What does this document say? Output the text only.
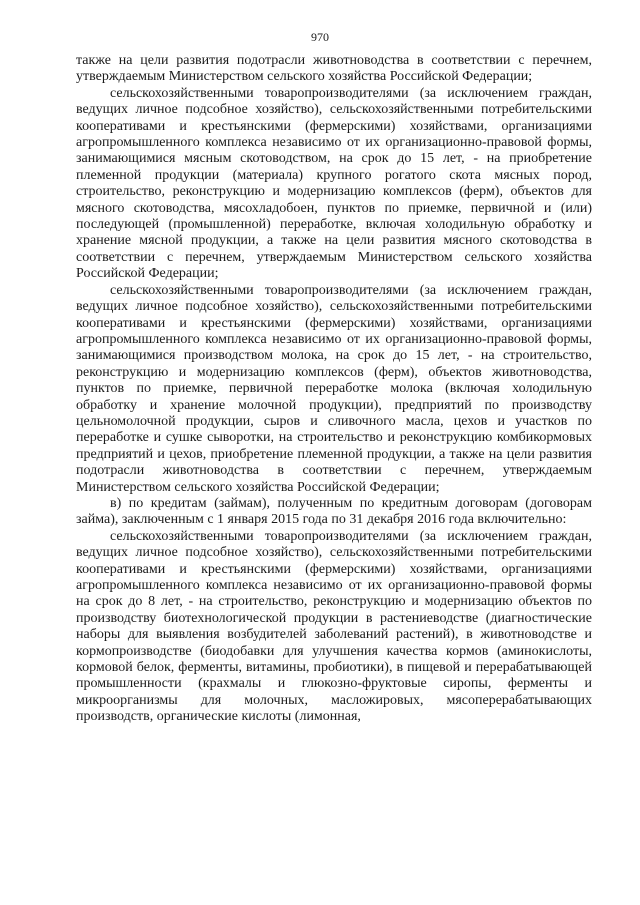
970

также на цели развития подотрасли животноводства в соответствии с перечнем, утверждаемым Министерством сельского хозяйства Российской Федерации;

сельскохозяйственными товаропроизводителями (за исключением граждан, ведущих личное подсобное хозяйство), сельскохозяйственными потребительскими кооперативами и крестьянскими (фермерскими) хозяйствами, организациями агропромышленного комплекса независимо от их организационно-правовой формы, занимающимися мясным скотоводством, на срок до 15 лет, - на приобретение племенной продукции (материала) крупного рогатого скота мясных пород, строительство, реконструкцию и модернизацию комплексов (ферм), объектов для мясного скотоводства, мясохладобоен, пунктов по приемке, первичной и (или) последующей (промышленной) переработке, включая холодильную обработку и хранение мясной продукции, а также на цели развития мясного скотоводства в соответствии с перечнем, утверждаемым Министерством сельского хозяйства Российской Федерации;

сельскохозяйственными товаропроизводителями (за исключением граждан, ведущих личное подсобное хозяйство), сельскохозяйственными потребительскими кооперативами и крестьянскими (фермерскими) хозяйствами, организациями агропромышленного комплекса независимо от их организационно-правовой формы, занимающимися производством молока, на срок до 15 лет, - на строительство, реконструкцию и модернизацию комплексов (ферм), объектов животноводства, пунктов по приемке, первичной переработке молока (включая холодильную обработку и хранение молочной продукции), предприятий по производству цельномолочной продукции, сыров и сливочного масла, цехов и участков по переработке и сушке сыворотки, на строительство и реконструкцию комбикормовых предприятий и цехов, приобретение племенной продукции, а также на цели развития подотрасли животноводства в соответствии с перечнем, утверждаемым Министерством сельского хозяйства Российской Федерации;

в) по кредитам (займам), полученным по кредитным договорам (договорам займа), заключенным с 1 января 2015 года по 31 декабря 2016 года включительно:

сельскохозяйственными товаропроизводителями (за исключением граждан, ведущих личное подсобное хозяйство), сельскохозяйственными потребительскими кооперативами и крестьянскими (фермерскими) хозяйствами, организациями агропромышленного комплекса независимо от их организационно-правовой формы на срок до 8 лет, - на строительство, реконструкцию и модернизацию объектов по производству биотехнологической продукции в растениеводстве (диагностические наборы для выявления возбудителей заболеваний растений), в животноводстве и кормопроизводстве (биодобавки для улучшения качества кормов (аминокислоты, кормовой белок, ферменты, витамины, пробиотики), в пищевой и перерабатывающей промышленности (крахмалы и глюкозно-фруктовые сиропы, ферменты и микроорганизмы для молочных, масложировых, мясоперерабатывающих производств, органические кислоты (лимонная,
